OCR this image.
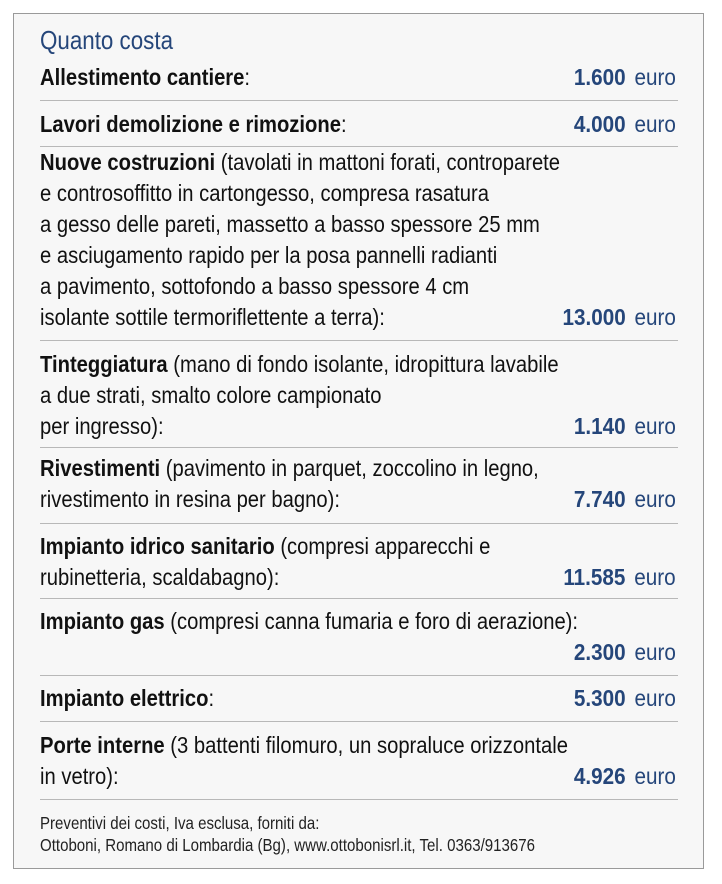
Quanto costa
Allestimento cantiere:	1.600 euro
Lavori demolizione e rimozione:	4.000 euro
Nuove costruzioni (tavolati in mattoni forati, controparete
e controsoffitto in cartongesso, compresa rasatura
a gesso delle pareti, massetto a basso spessore 25 mm
e asciugamento rapido per la posa pannelli radianti
a pavimento, sottofondo a basso spessore 4 cm
isolante sottile termoriflettente a terra):	13.000 euro
Tinteggiatura (mano di fondo isolante, idropittura lavabile
a due strati, smalto colore campionato
per ingresso):	1.140 euro
Rivestimenti (pavimento in parquet, zoccolino in legno,
rivestimento in resina per bagno):	7.740 euro
Impianto idrico sanitario (compresi apparecchi e
rubinetteria, scaldabagno):	11.585 euro
Impianto gas (compresi canna fumaria e foro di aerazione):
2.300 euro
Impianto elettrico:	5.300 euro
Porte interne (3 battenti filomuro, un sopraluce orizzontale
in vetro):	4.926 euro
Preventivi dei costi, Iva esclusa, forniti da:
Ottoboni, Romano di Lombardia (Bg), www.ottobonisrl.it, Tel. 0363/913676
